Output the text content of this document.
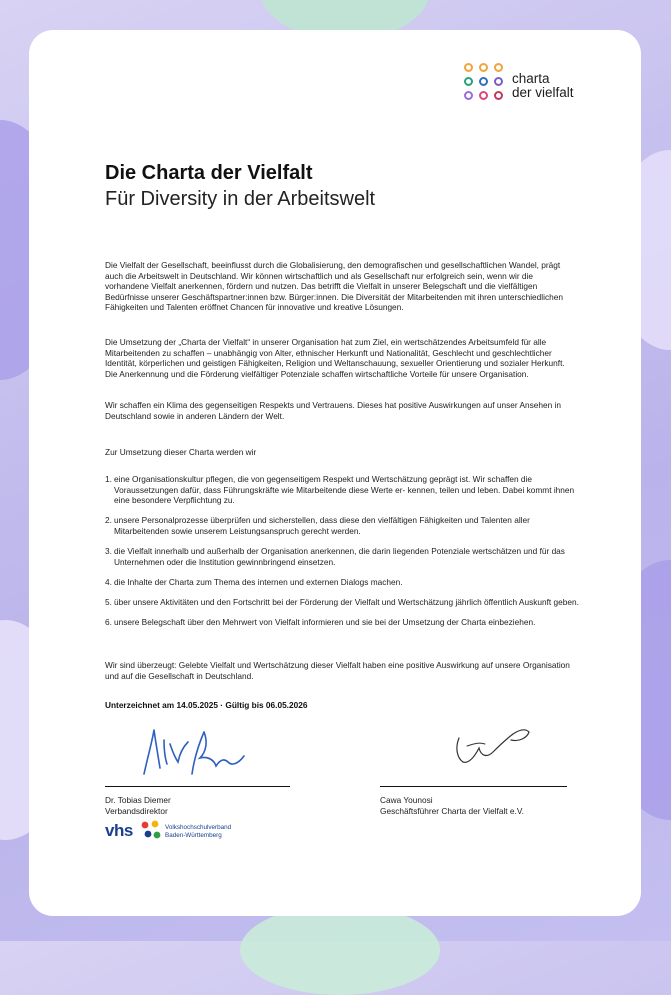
charta
der vielfalt
Die Charta der Vielfalt
Für Diversity in der Arbeitswelt

Die Vielfalt der Gesellschaft, beeinflusst durch die Globalisierung, den demografischen und gesellschaftlichen Wandel, prägt auch die Arbeitswelt in Deutschland. Wir können wirtschaftlich und als Gesellschaft nur erfolgreich sein, wenn wir die vorhandene Vielfalt anerkennen, fördern und nutzen. Das betrifft die Vielfalt in unserer Belegschaft und die vielfältigen Bedürfnisse unserer Geschäftspartner:innen bzw. Bürger:innen. Die Diversität der Mitarbeitenden mit ihren unterschiedlichen Fähigkeiten und Talenten eröffnet Chancen für innovative und kreative Lösungen.

Die Umsetzung der „Charta der Vielfalt“ in unserer Organisation hat zum Ziel, ein wertschätzendes Arbeitsumfeld für alle Mitarbeitenden zu schaffen – unabhängig von Alter, ethnischer Herkunft und Nationalität, Geschlecht und geschlechtlicher Identität, körperlichen und geistigen Fähigkeiten, Religion und Weltanschauung, sexueller Orientierung und sozialer Herkunft. Die Anerkennung und die Förderung vielfältiger Potenziale schaffen wirtschaftliche Vorteile für unsere Organisation.

Wir schaffen ein Klima des gegenseitigen Respekts und Vertrauens. Dieses hat positive Auswirkungen auf unser Ansehen in Deutschland sowie in anderen Ländern der Welt.

Zur Umsetzung dieser Charta werden wir

1. eine Organisationskultur pflegen, die von gegenseitigem Respekt und Wertschätzung geprägt ist. Wir schaffen die Voraussetzungen dafür, dass Führungskräfte wie Mitarbeitende diese Werte er- kennen, teilen und leben. Dabei kommt ihnen eine besondere Verpflichtung zu.
2. unsere Personalprozesse überprüfen und sicherstellen, dass diese den vielfältigen Fähigkeiten und Talenten aller Mitarbeitenden sowie unserem Leistungsanspruch gerecht werden.
3. die Vielfalt innerhalb und außerhalb der Organisation anerkennen, die darin liegenden Potenziale wertschätzen und für das Unternehmen oder die Institution gewinnbringend einsetzen.
4. die Inhalte der Charta zum Thema des internen und externen Dialogs machen.
5. über unsere Aktivitäten und den Fortschritt bei der Förderung der Vielfalt und Wertschätzung jährlich öffentlich Auskunft geben.
6. unsere Belegschaft über den Mehrwert von Vielfalt informieren und sie bei der Umsetzung der Charta einbeziehen.

Wir sind überzeugt: Gelebte Vielfalt und Wertschätzung dieser Vielfalt haben eine positive Auswirkung auf unsere Organisation und auf die Gesellschaft in Deutschland.

Unterzeichnet am 14.05.2025 · Gültig bis 06.05.2026
Dr. Tobias Diemer
Verbandsdirektor
Cawa Younosi
Geschäftsführer Charta der Vielfalt e.V.
vhs	Volkshochschulverband
Baden-Württemberg
